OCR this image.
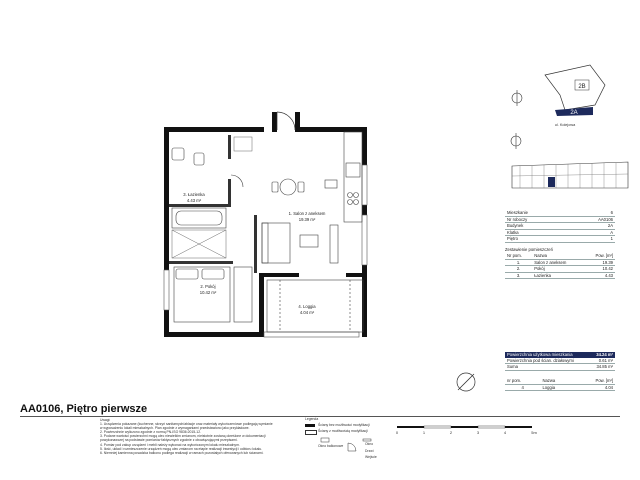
3. Łazienka
4.43 m²
1. Salon z aneksem
19.39 m²
2. Pokój
10.42 m²
4. Loggia
4.04 m²
2B
2A
ul. Kolejowa
Mieszkanie	6
Nr roboczy	AA0106
Budynek	2A
Klatka	A
Piętro	1
Zestawienie pomieszczeń
Nr pom.	Nazwa	Pow. [m²]
1.	Salon z aneksem	19.39
2.	Pokój	10.42
3.	Łazienka	4.43
Powierzchnia użytkowa mieszkania	34.24 m²
Powierzchnia pod ścian. działowymi	0.61 m²
Suma	34.85 m²
nr pom.	Nazwa	Pow. [m²]
4	Loggia	4.04
AA0106, Piętro pierwsze
Uwagi:
1. Urządzenia pokazane (kuchenne, skrzyń sanitarnych/ablacje oraz materiały wykończeniowe podlegają wymianie
w wyposażeniu lokali mieszkalnych. Plan zgodnie z wymaganiami przedstawiono jako przykładowe.
2. Powierzchnie wyliczono zgodnie z normą PN-ISO 9836:2015-12.
3. Podane wartości powierzchni mogą ulec niewielkim zmianom, nieistotnie zostaną określone w dokumentacji
powykonawczej na podstawie pomiarów faktycznych zgodnie z obowiązującymi przepisami.
4. Pomiar pod zakup urządzeń i mebli należy wykonać na wykończonym lokalu mieszkalnym.
5. Ilość, układ i rozmieszczenie urządzeń mogą ulec zmianom na etapie realizacji inwestycji i odbioru lokalu.
6. Niemniej kamienna posadzka balkonu podlega realizacji w ramach pozostałych oferowanych lub ścianami.
Legenda
Ściany bez możliwości modyfikacji
Ściany z możliwością modyfikacji
Okno balkonowe	Okno
Drzwi
Wejście
0	1	2	3	4	5m
